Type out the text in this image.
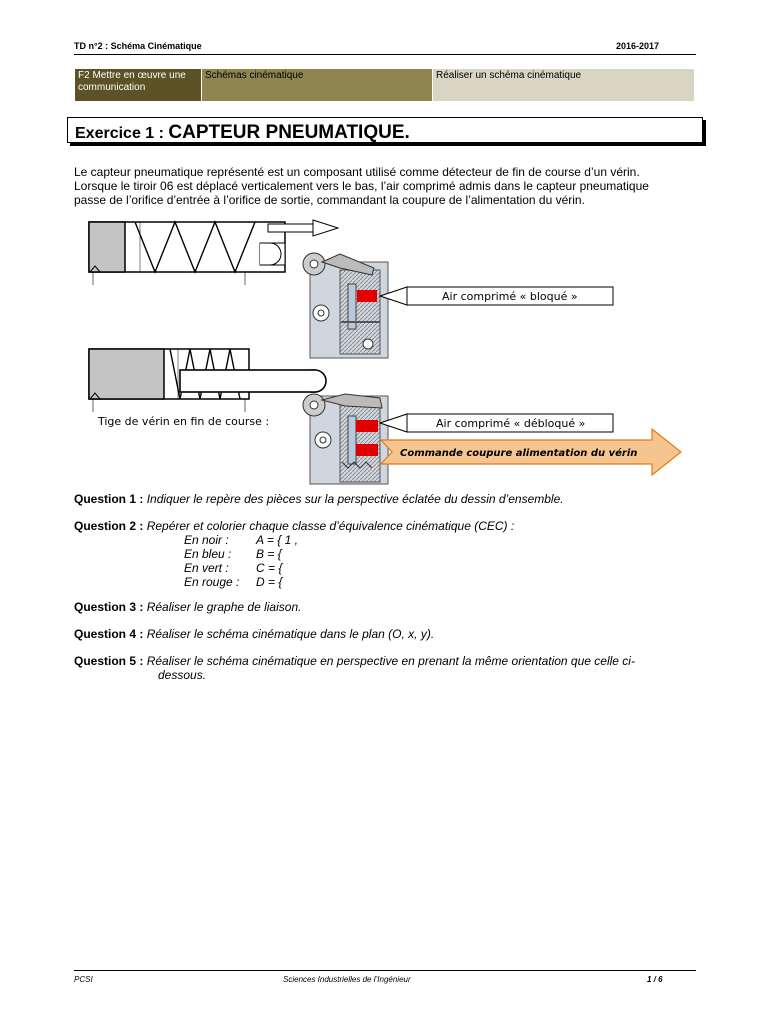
TD n°2 : Schéma Cinématique	2016-2017
F2 Mettre en œuvre une communication
Schémas cinématique	Réaliser un schéma cinématique
Exercice 1 : CAPTEUR PNEUMATIQUE.
Le capteur pneumatique représenté est un composant utilisé comme détecteur de fin de course d’un vérin.
Lorsque le tiroir 06 est déplacé verticalement vers le bas, l’air comprimé admis dans le capteur pneumatique
passe de l’orifice d’entrée à l’orifice de sortie, commandant la coupure de l’alimentation du vérin.
Air comprimé « bloqué »
Tige de vérin en fin de course :	Air comprimé « débloqué »
Commande coupure alimentation du vérin
Question 1 : Indiquer le repère des pièces sur la perspective éclatée du dessin d’ensemble.
Question 2 : Repérer et colorier chaque classe d’équivalence cinématique (CEC) :
En noir : A = { 1 ,
En bleu : B = {
En vert : C = {
En rouge : D = {
Question 3 : Réaliser le graphe de liaison.
Question 4 : Réaliser le schéma cinématique dans le plan (O, x, y).
Question 5 : Réaliser le schéma cinématique en perspective en prenant la même orientation que celle ci-
dessous.
PCSI	Sciences Industrielles de l’Ingénieur	1 / 6
